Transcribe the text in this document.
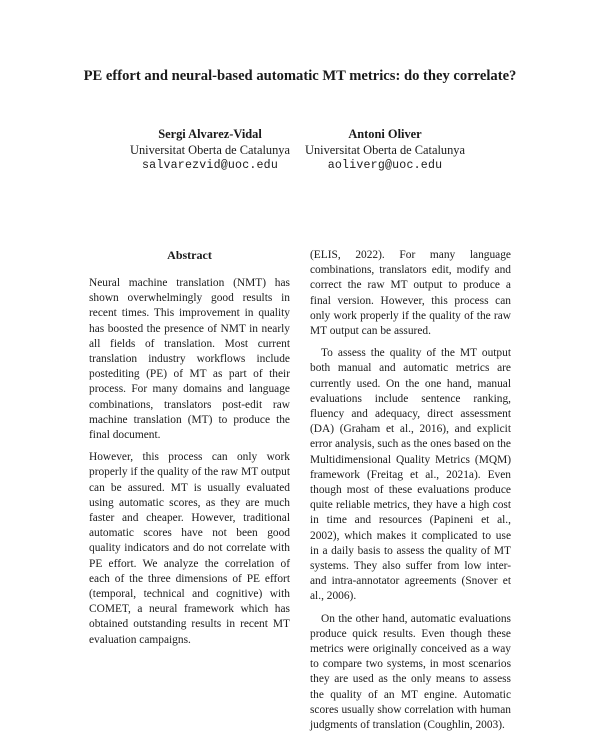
PE effort and neural-based automatic MT metrics: do they correlate?
Sergi Alvarez-Vidal
Universitat Oberta de Catalunya
salvarezvid@uoc.edu
Antoni Oliver
Universitat Oberta de Catalunya
aoliverg@uoc.edu
Abstract

Neural machine translation (NMT) has shown overwhelmingly good results in recent times. This improvement in quality has boosted the presence of NMT in nearly all fields of translation. Most current translation industry workflows include postediting (PE) of MT as part of their process. For many domains and language combinations, translators post-edit raw machine translation (MT) to produce the final document.

However, this process can only work properly if the quality of the raw MT output can be assured. MT is usually evaluated using automatic scores, as they are much faster and cheaper. However, traditional automatic scores have not been good quality indicators and do not correlate with PE effort. We analyze the correlation of each of the three dimensions of PE effort (temporal, technical and cognitive) with COMET, a neural framework which has obtained outstanding results in recent MT evaluation campaigns.

(ELIS, 2022). For many language combinations, translators edit, modify and correct the raw MT output to produce a final version. However, this process can only work properly if the quality of the raw MT output can be assured.

To assess the quality of the MT output both manual and automatic metrics are currently used. On the one hand, manual evaluations include sentence ranking, fluency and adequacy, direct assessment (DA) (Graham et al., 2016), and explicit error analysis, such as the ones based on the Multidimensional Quality Metrics (MQM) framework (Freitag et al., 2021a). Even though most of these evaluations produce quite reliable metrics, they have a high cost in time and resources (Papineni et al., 2002), which makes it complicated to use in a daily basis to assess the quality of MT systems. They also suffer from low inter- and intra-annotator agreements (Snover et al., 2006).

On the other hand, automatic evaluations produce quick results. Even though these metrics were originally conceived as a way to compare two systems, in most scenarios they are used as the only means to assess the quality of an MT engine. Automatic scores usually show correlation with human judgments of translation (Coughlin, 2003).
